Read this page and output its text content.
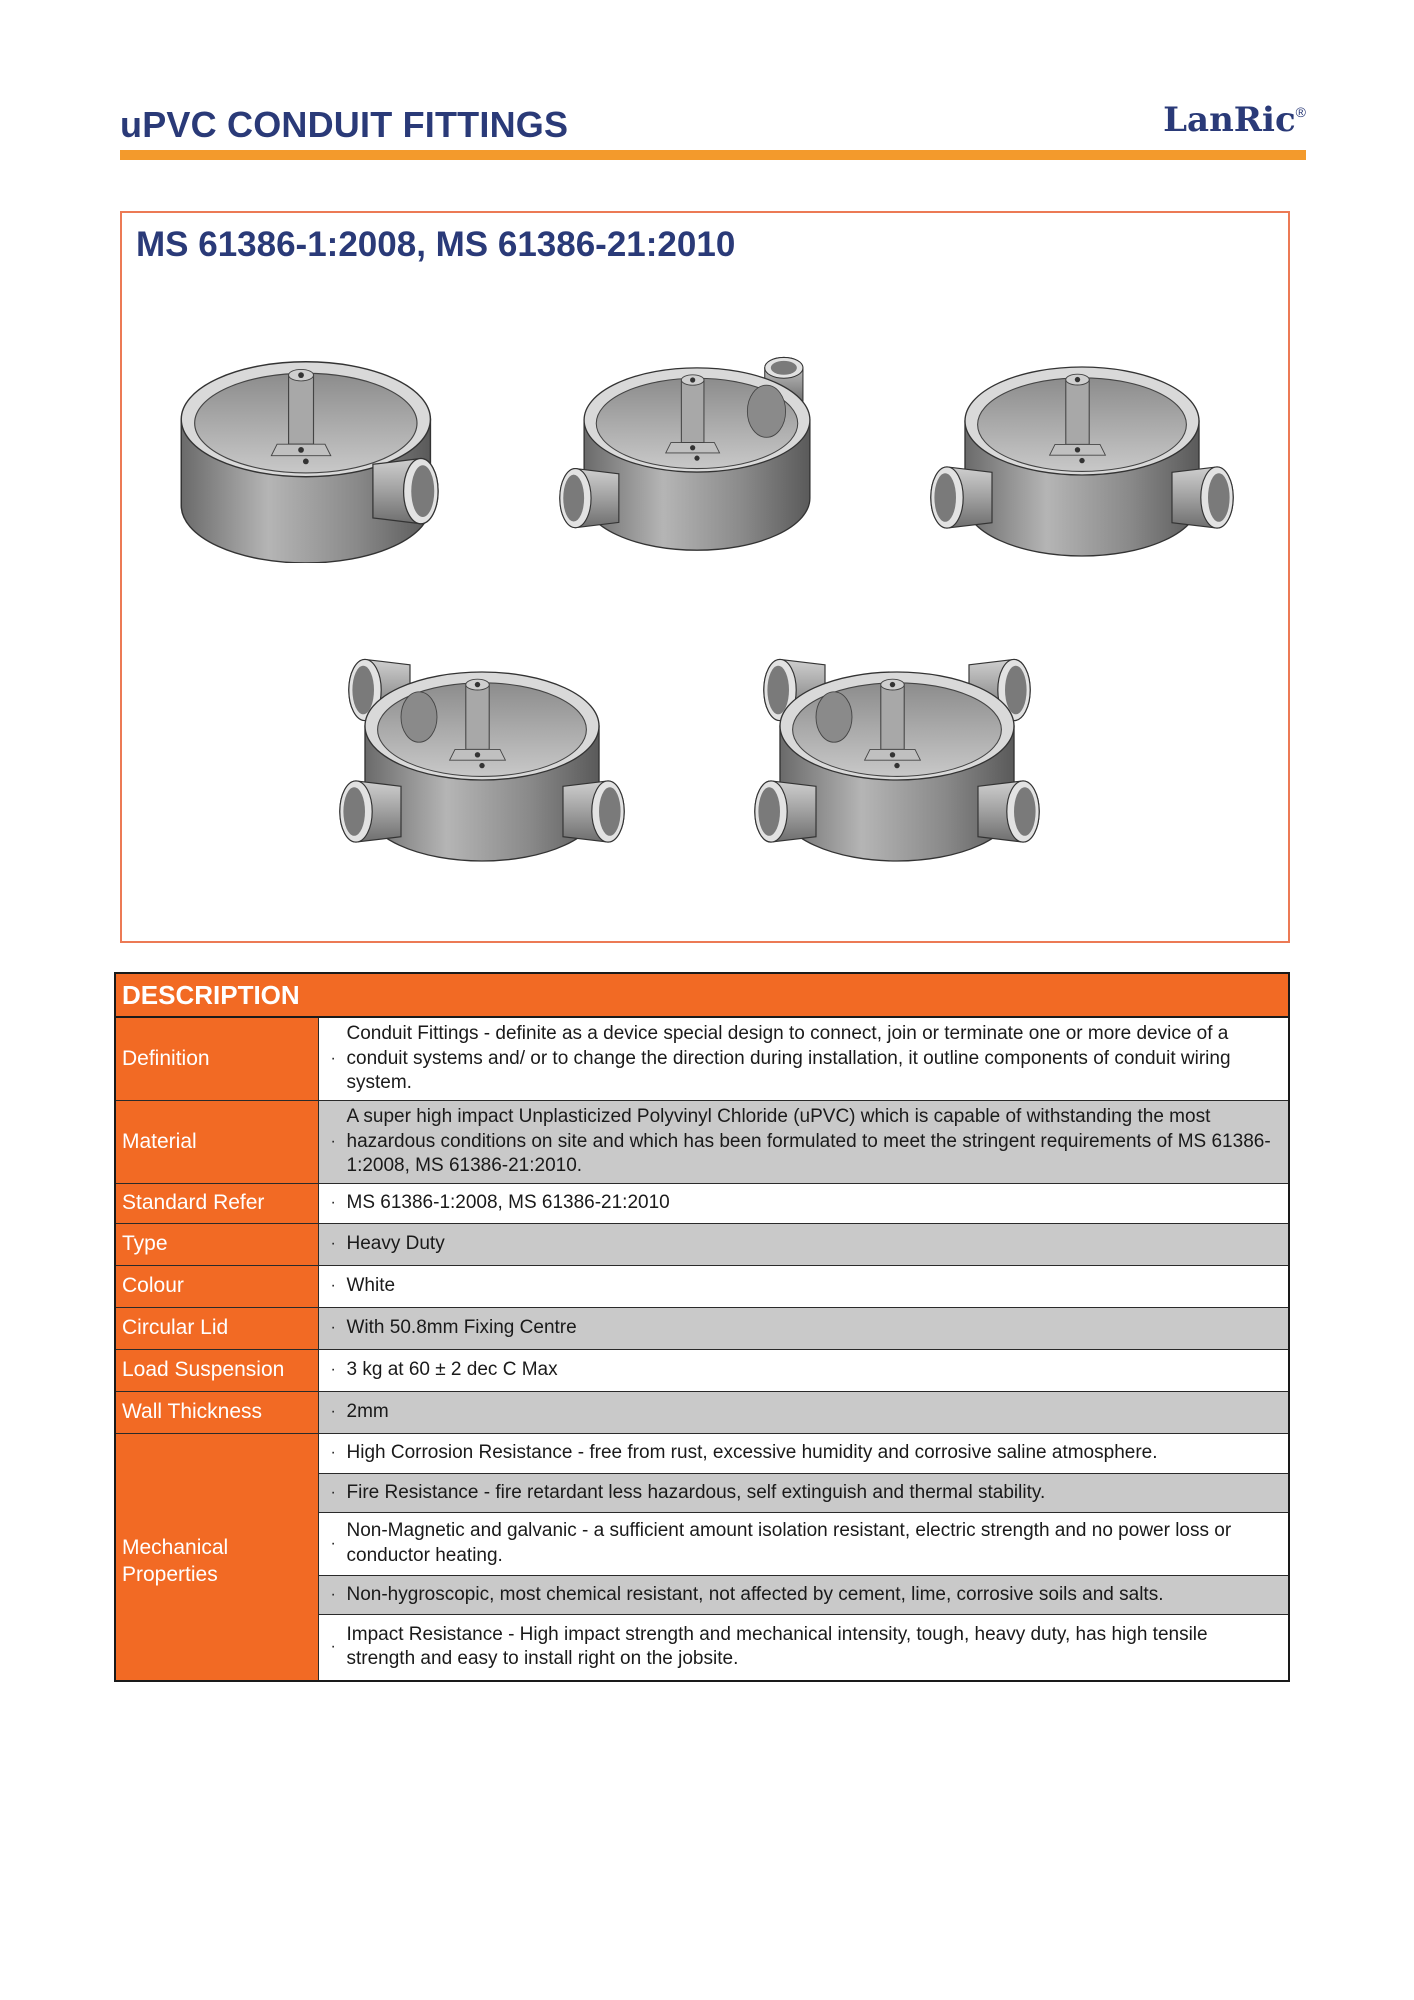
uPVC CONDUIT FITTINGS	LanRic®
MS 61386-1:2008, MS 61386-21:2010
DESCRIPTION	
Definition	·
Conduit Fittings - definite as a device special design to connect, join or terminate one or more device of a conduit systems and/ or to change the direction during installation, it outline components of conduit wiring system.

Material	·
A super high impact Unplasticized Polyvinyl Chloride (uPVC) which is capable of withstanding the most hazardous conditions on site and which has been formulated to meet the stringent requirements of MS 61386-1:2008, MS 61386-21:2010.

Standard Refer	· MS 61386-1:2008, MS 61386-21:2010

Type	· Heavy Duty

Colour	· White

Circular Lid	· With 50.8mm Fixing Centre

Load Suspension	· 3 kg at 60 ± 2 dec C Max

Wall Thickness	· 2mm

Mechanical Properties	· High Corrosion Resistance - free from rust, excessive humidity and corrosive saline atmosphere.

	· Fire Resistance - fire retardant less hazardous, self extinguish and thermal stability.

	·
Non-Magnetic and galvanic - a sufficient amount isolation resistant, electric strength and no power loss or conductor heating.

	· Non-hygroscopic, most chemical resistant, not affected by cement, lime, corrosive soils and salts.

	·
Impact Resistance - High impact strength and mechanical intensity, tough, heavy duty, has high tensile strength and easy to install right on the jobsite.
